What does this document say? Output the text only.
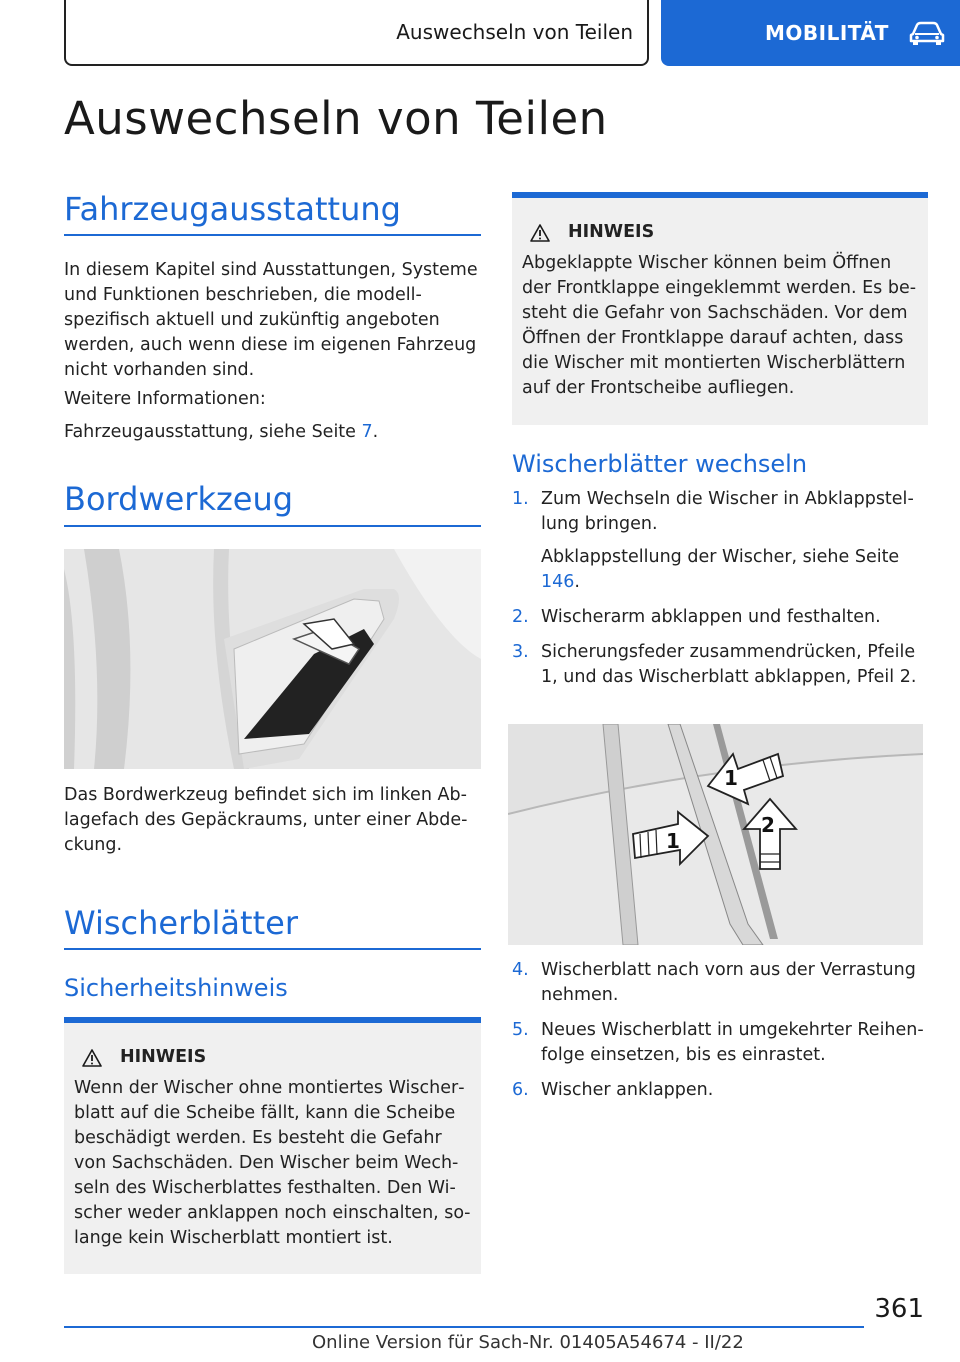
Auswechseln von Teilen	MOBILITÄT
Auswechseln von Teilen
Fahrzeugausstattung

In diesem Kapitel sind Ausstattungen, Systeme und Funktionen beschrieben, die modellspezifisch aktuell und zukünftig angeboten werden, auch wenn diese im eigenen Fahrzeug nicht vorhanden sind.

Weitere Informationen:

Fahrzeugausstattung, siehe Seite 7.

Bordwerkzeug

Das Bordwerkzeug befindet sich im linken Ablagefach des Gepäckraums, unter einer Abdeckung.

Wischerblätter
Sicherheitshinweis
HINWEIS

Wenn der Wischer ohne montiertes Wischerblatt auf die Scheibe fällt, kann die Scheibe beschädigt werden. Es besteht die Gefahr von Sachschäden. Den Wischer beim Wechseln des Wischerblattes festhalten. Den Wischer weder anklappen noch einschalten, solange kein Wischerblatt montiert ist.

HINWEIS

Abgeklappte Wischer können beim Öffnen der Frontklappe eingeklemmt werden. Es besteht die Gefahr von Sachschäden. Vor dem Öffnen der Frontklappe darauf achten, dass die Wischer mit montierten Wischerblättern auf der Frontscheibe aufliegen.

Wischerblätter wechseln
1. Zum Wechseln die Wischer in Abklappstellung bringen.

Abklappstellung der Wischer, siehe Seite 146.

2. Wischerarm abklappen und festhalten.
3. Sicherungsfeder zusammendrücken, Pfeile 1, und das Wischerblatt abklappen, Pfeil 2.
1
1
2
4. Wischerblatt nach vorn aus der Verrastung nehmen.
5. Neues Wischerblatt in umgekehrter Reihenfolge einsetzen, bis es einrastet.
6. Wischer anklappen.
361
Online Version für Sach-Nr. 01405A54674 - II/22
